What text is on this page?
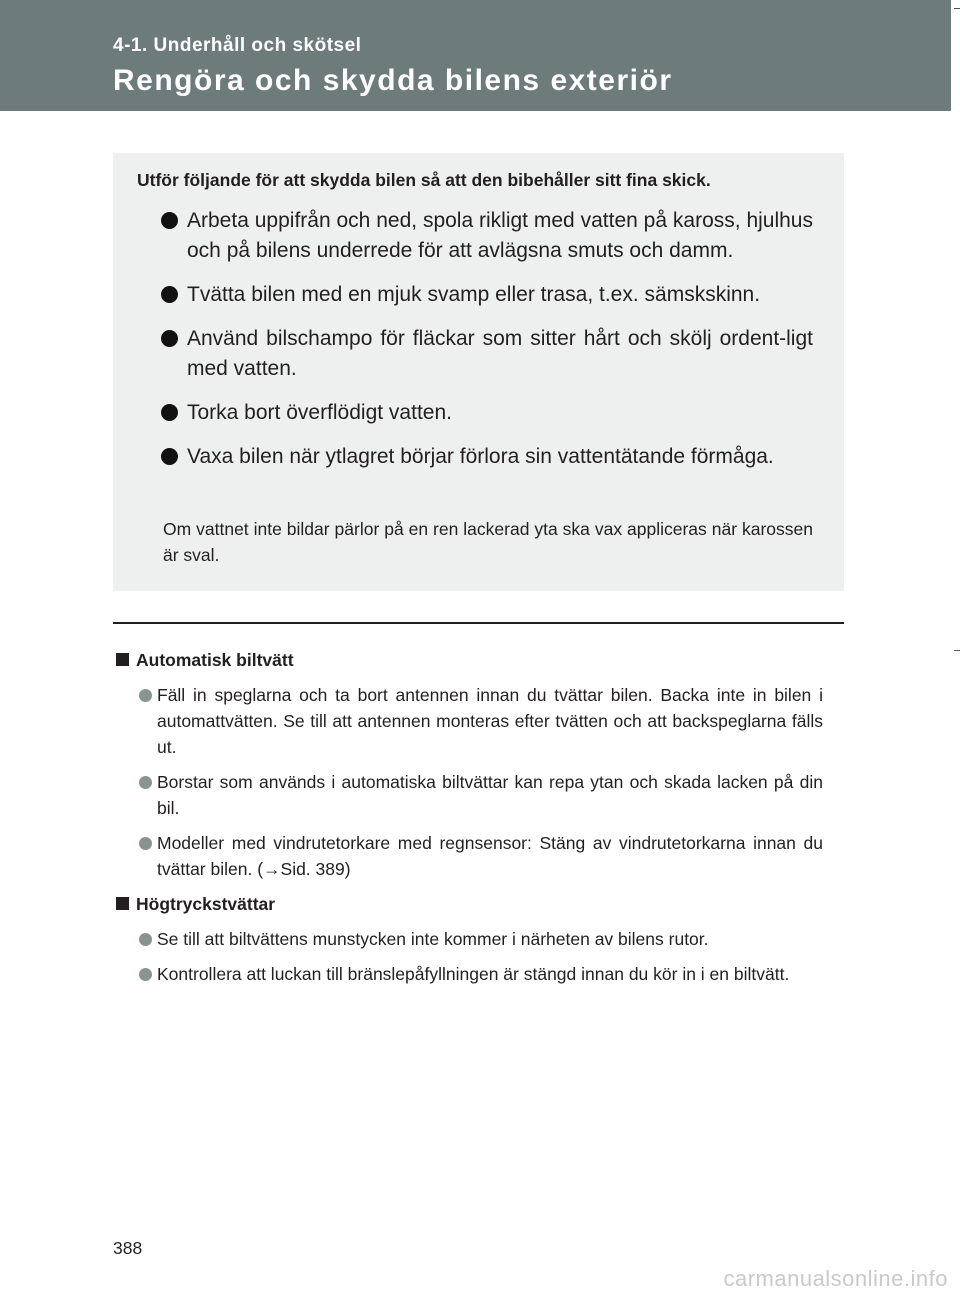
4-1. Underhåll och skötsel
Rengöra och skydda bilens exteriör
Utför följande för att skydda bilen så att den bibehåller sitt fina skick.
Arbeta uppifrån och ned, spola rikligt med vatten på kaross, hjulhus och på bilens underrede för att avlägsna smuts och damm.
Tvätta bilen med en mjuk svamp eller trasa, t.ex. sämskskinn.
Använd bilschampo för fläckar som sitter hårt och skölj ordent-ligt med vatten.
Torka bort överflödigt vatten.
Vaxa bilen när ytlagret börjar förlora sin vattentätande förmåga.
Om vattnet inte bildar pärlor på en ren lackerad yta ska vax appliceras när karossen är sval.
Automatisk biltvätt
Fäll in speglarna och ta bort antennen innan du tvättar bilen. Backa inte in bilen i automattvätten. Se till att antennen monteras efter tvätten och att backspeglarna fälls ut.
Borstar som används i automatiska biltvättar kan repa ytan och skada lacken på din bil.
Modeller med vindrutetorkare med regnsensor: Stäng av vindrutetorkarna innan du tvättar bilen. (→Sid. 389)
Högtryckstvättar
Se till att biltvättens munstycken inte kommer i närheten av bilens rutor.
Kontrollera att luckan till bränslepåfyllningen är stängd innan du kör in i en biltvätt.
388
carmanualsonline.info
